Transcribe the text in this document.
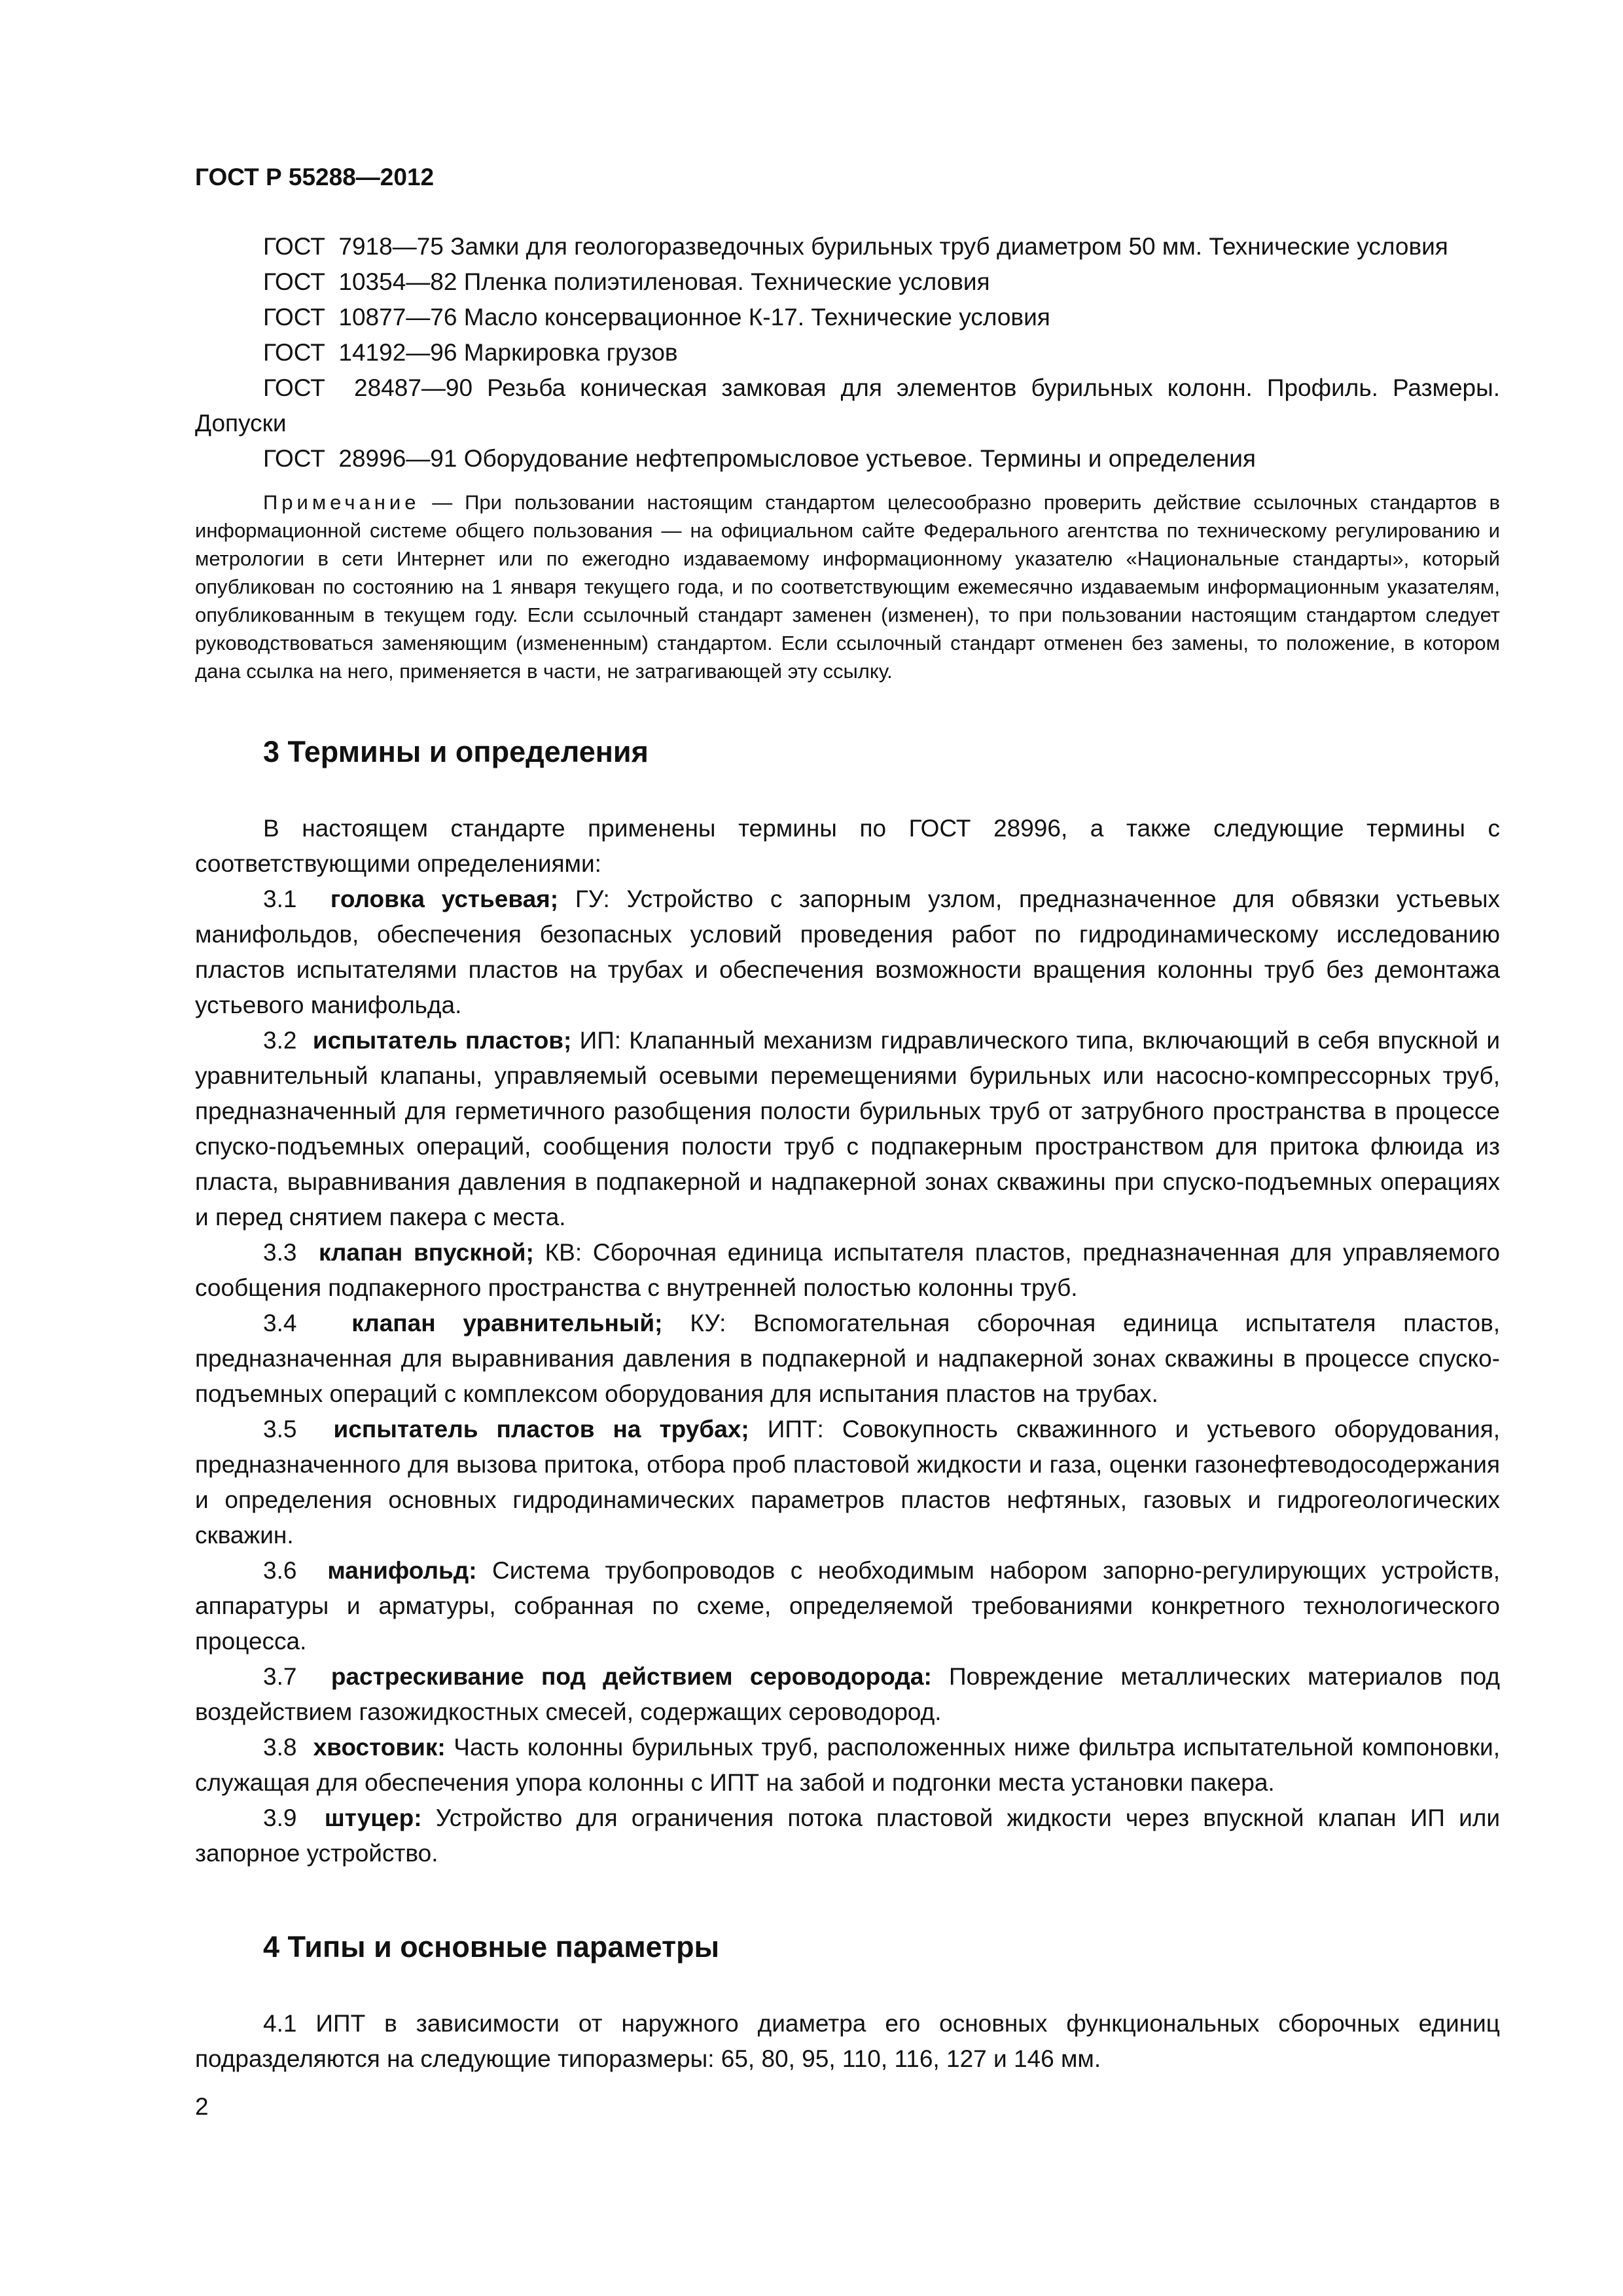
ГОСТ Р 55288—2012
ГОСТ  7918—75 Замки для геологоразведочных бурильных труб диаметром 50 мм. Технические условия
ГОСТ  10354—82 Пленка полиэтиленовая. Технические условия
ГОСТ  10877—76 Масло консервационное К-17. Технические условия
ГОСТ  14192—96 Маркировка грузов
ГОСТ  28487—90 Резьба коническая замковая для элементов бурильных колонн. Профиль. Размеры. Допуски
ГОСТ  28996—91 Оборудование нефтепромысловое устьевое. Термины и определения
Примечание — При пользовании настоящим стандартом целесообразно проверить действие ссылочных стандартов в информационной системе общего пользования — на официальном сайте Федерального агентства по техническому регулированию и метрологии в сети Интернет или по ежегодно издаваемому информационному указателю «Национальные стандарты», который опубликован по состоянию на 1 января текущего года, и по соответствующим ежемесячно издаваемым информационным указателям, опубликованным в текущем году. Если ссылочный стандарт заменен (изменен), то при пользовании настоящим стандартом следует руководствоваться заменяющим (измененным) стандартом. Если ссылочный стандарт отменен без замены, то положение, в котором дана ссылка на него, применяется в части, не затрагивающей эту ссылку.
3 Термины и определения

В настоящем стандарте применены термины по ГОСТ 28996, а также следующие термины с соответствующими определениями:

3.1 головка устьевая; ГУ: Устройство с запорным узлом, предназначенное для обвязки устьевых манифольдов, обеспечения безопасных условий проведения работ по гидродинамическому исследованию пластов испытателями пластов на трубах и обеспечения возможности вращения колонны труб без демонтажа устьевого манифольда.

3.2 испытатель пластов; ИП: Клапанный механизм гидравлического типа, включающий в себя впускной и уравнительный клапаны, управляемый осевыми перемещениями бурильных или насосно-компрессорных труб, предназначенный для герметичного разобщения полости бурильных труб от затрубного пространства в процессе спуско-подъемных операций, сообщения полости труб с подпакерным пространством для притока флюида из пласта, выравнивания давления в подпакерной и надпакерной зонах скважины при спуско-подъемных операциях и перед снятием пакера с места.

3.3 клапан впускной; КВ: Сборочная единица испытателя пластов, предназначенная для управляемого сообщения подпакерного пространства с внутренней полостью колонны труб.

3.4 клапан уравнительный; КУ: Вспомогательная сборочная единица испытателя пластов, предназначенная для выравнивания давления в подпакерной и надпакерной зонах скважины в процессе спуско-подъемных операций с комплексом оборудования для испытания пластов на трубах.

3.5 испытатель пластов на трубах; ИПТ: Совокупность скважинного и устьевого оборудования, предназначенного для вызова притока, отбора проб пластовой жидкости и газа, оценки газонефтеводосодержания и определения основных гидродинамических параметров пластов нефтяных, газовых и гидрогеологических скважин.

3.6 манифольд: Система трубопроводов с необходимым набором запорно-регулирующих устройств, аппаратуры и арматуры, собранная по схеме, определяемой требованиями конкретного технологического процесса.

3.7 растрескивание под действием сероводорода: Повреждение металлических материалов под воздействием газожидкостных смесей, содержащих сероводород.

3.8 хвостовик: Часть колонны бурильных труб, расположенных ниже фильтра испытательной компоновки, служащая для обеспечения упора колонны с ИПТ на забой и подгонки места установки пакера.

3.9 штуцер: Устройство для ограничения потока пластовой жидкости через впускной клапан ИП или запорное устройство.

4 Типы и основные параметры

4.1 ИПТ в зависимости от наружного диаметра его основных функциональных сборочных единиц подразделяются на следующие типоразмеры: 65, 80, 95, 110, 116, 127 и 146 мм.

2
